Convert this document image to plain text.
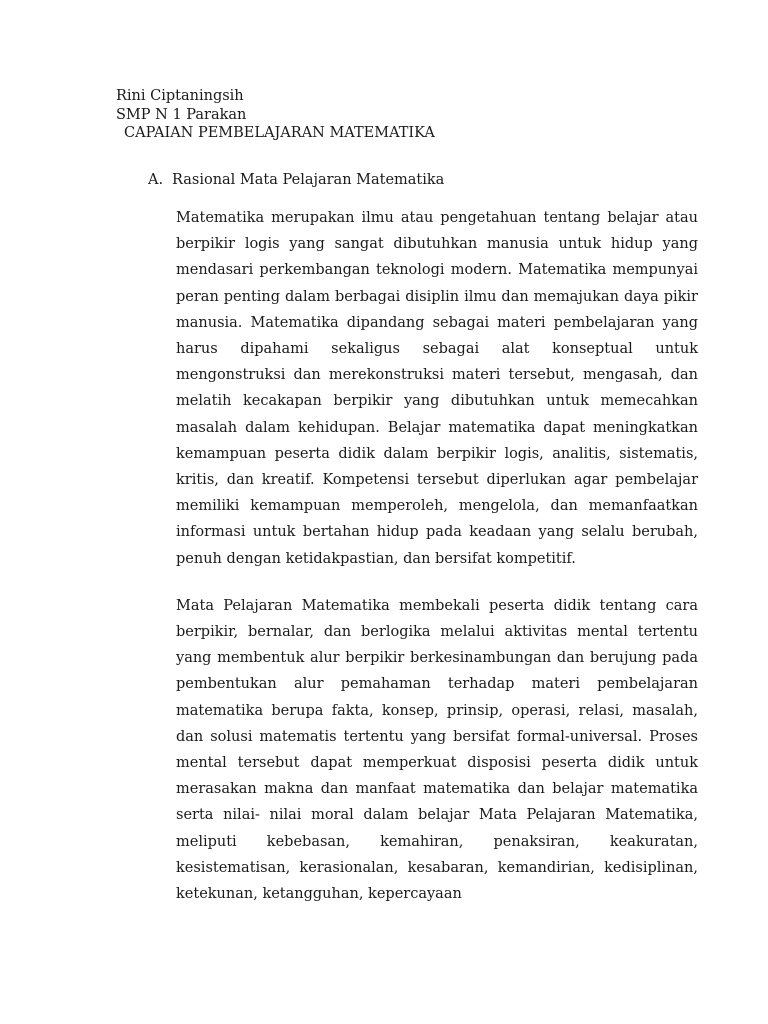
Rini Ciptaningsih
SMP N 1 Parakan
CAPAIAN PEMBELAJARAN MATEMATIKA
A. Rasional Mata Pelajaran Matematika

Matematika merupakan ilmu atau pengetahuan tentang belajar atau berpikir logis yang sangat dibutuhkan manusia untuk hidup yang mendasari perkembangan teknologi modern. Matematika mempunyai peran penting dalam berbagai disiplin ilmu dan memajukan daya pikir manusia. Matematika dipandang sebagai materi pembelajaran yang harus dipahami sekaligus sebagai alat konseptual untuk mengonstruksi dan merekonstruksi materi tersebut, mengasah, dan melatih kecakapan berpikir yang dibutuhkan untuk memecahkan masalah dalam kehidupan. Belajar matematika dapat meningkatkan kemampuan peserta didik dalam berpikir logis, analitis, sistematis, kritis, dan kreatif. Kompetensi tersebut diperlukan agar pembelajar memiliki kemampuan memperoleh, mengelola, dan memanfaatkan informasi untuk bertahan hidup pada keadaan yang selalu berubah, penuh dengan ketidakpastian, dan bersifat kompetitif.

Mata Pelajaran Matematika membekali peserta didik tentang cara berpikir, bernalar, dan berlogika melalui aktivitas mental tertentu yang membentuk alur berpikir berkesinambungan dan berujung pada pembentukan alur pemahaman terhadap materi pembelajaran matematika berupa fakta, konsep, prinsip, operasi, relasi, masalah, dan solusi matematis tertentu yang bersifat formal-universal. Proses mental tersebut dapat memperkuat disposisi peserta didik untuk merasakan makna dan manfaat matematika dan belajar matematika serta nilai- nilai moral dalam belajar Mata Pelajaran Matematika, meliputi kebebasan, kemahiran, penaksiran, keakuratan, kesistematisan, kerasionalan, kesabaran, kemandirian, kedisiplinan, ketekunan, ketangguhan, kepercayaan
